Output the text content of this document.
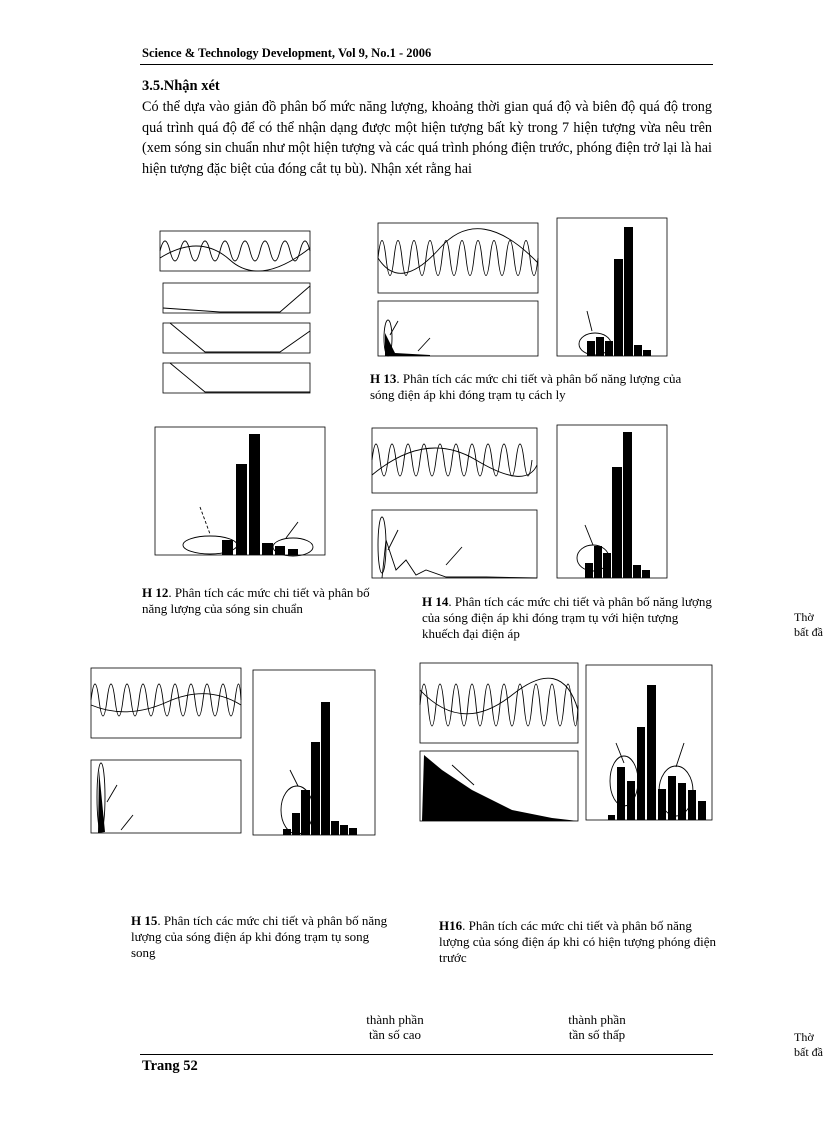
Science & Technology Development, Vol 9, No.1 - 2006
3.5.Nhận xét
Có thể dựa vào giản đồ phân bố mức năng lượng, khoảng thời gian quá độ và biên độ quá độ trong quá trình quá độ để có thể nhận dạng được một hiện tượng bất kỳ trong 7 hiện tượng vừa nêu trên (xem sóng sin chuẩn như một hiện tượng và các quá trình phóng điện trước, phóng điện trở lại là hai hiện tượng đặc biệt của đóng cắt tụ bù). Nhận xét rằng hai
H 12. Phân tích các mức chi tiết và phân bố năng lượng của sóng sin chuẩn
H 13. Phân tích các mức chi tiết và phân bố năng lượng của sóng điện áp khi đóng trạm tụ cách ly
H 14. Phân tích các mức chi tiết và phân bố năng lượng của sóng điện áp khi đóng trạm tụ với hiện tượng khuếch đại điện áp
Thờ
bất đầ
H 15. Phân tích các mức chi tiết và phân bố năng lượng của sóng điện áp khi đóng trạm tụ song song
H16. Phân tích các mức chi tiết và phân bố năng lượng của sóng điện áp khi có hiện tượng phóng điện trước
thành phần
tần số cao
thành phần
tần số thấp	Thờ
bất đầ
Trang 52
